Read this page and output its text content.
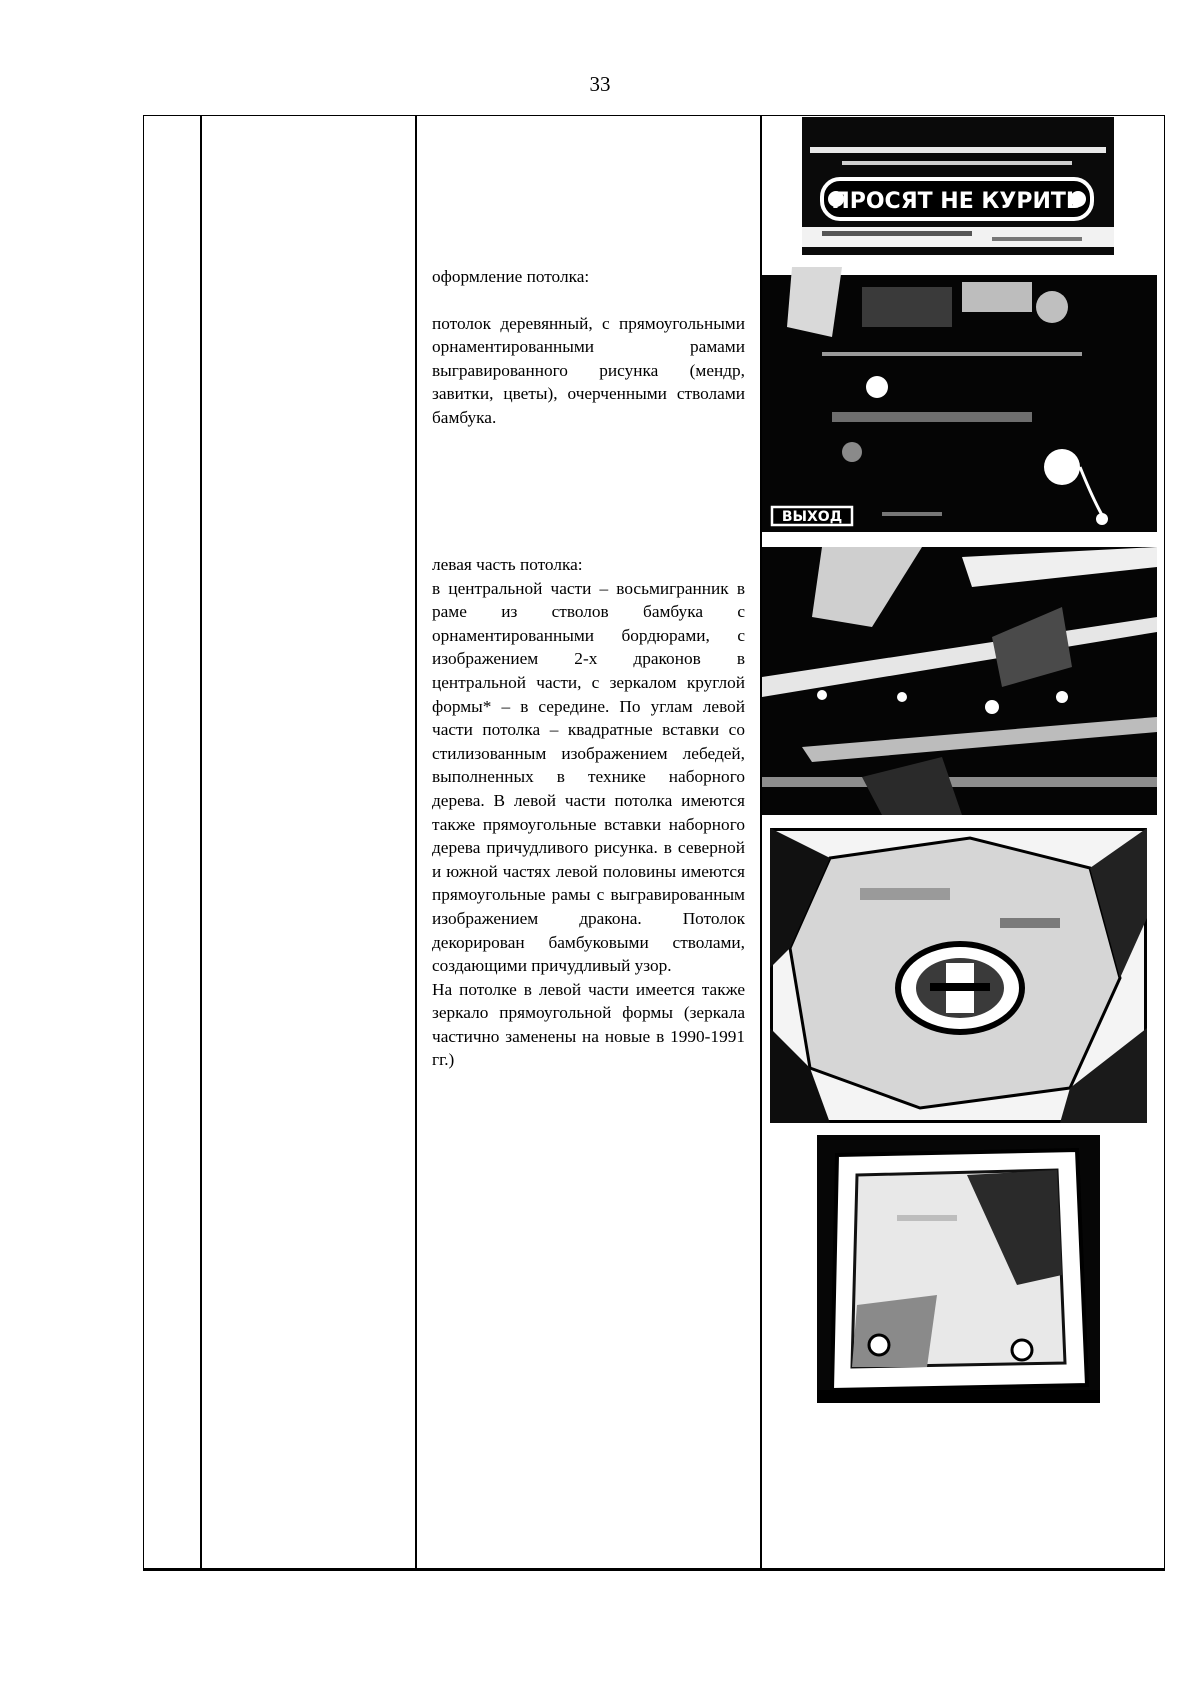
33

оформление потолка:

потолок деревянный, с прямоугольными орнаментированными рамами выгравированного рисунка (мендр, завитки, цветы), очерченными стволами бамбука.

левая часть потолка:

в центральной части – восьмигранник в раме из стволов бамбука с орнаментированными бордюрами, с изображением 2-х драконов в центральной части, с зеркалом круглой формы* – в середине. По углам левой части потолка – квадратные вставки со стилизованным изображением лебедей, выполненных в технике наборного дерева. В левой части потолка имеются также прямоугольные вставки наборного дерева причудливого рисунка. в северной и южной частях левой половины имеются прямоугольные рамы с выгравированным изображением дракона. Потолок декорирован бамбуковыми стволами, создающими причудливый узор.

На потолке в левой части имеется также зеркало прямоугольной формы (зеркала частично заменены на новые в 1990-1991 гг.)

ПРОСЯТ НЕ КУРИТЬ
ВЫХОД
